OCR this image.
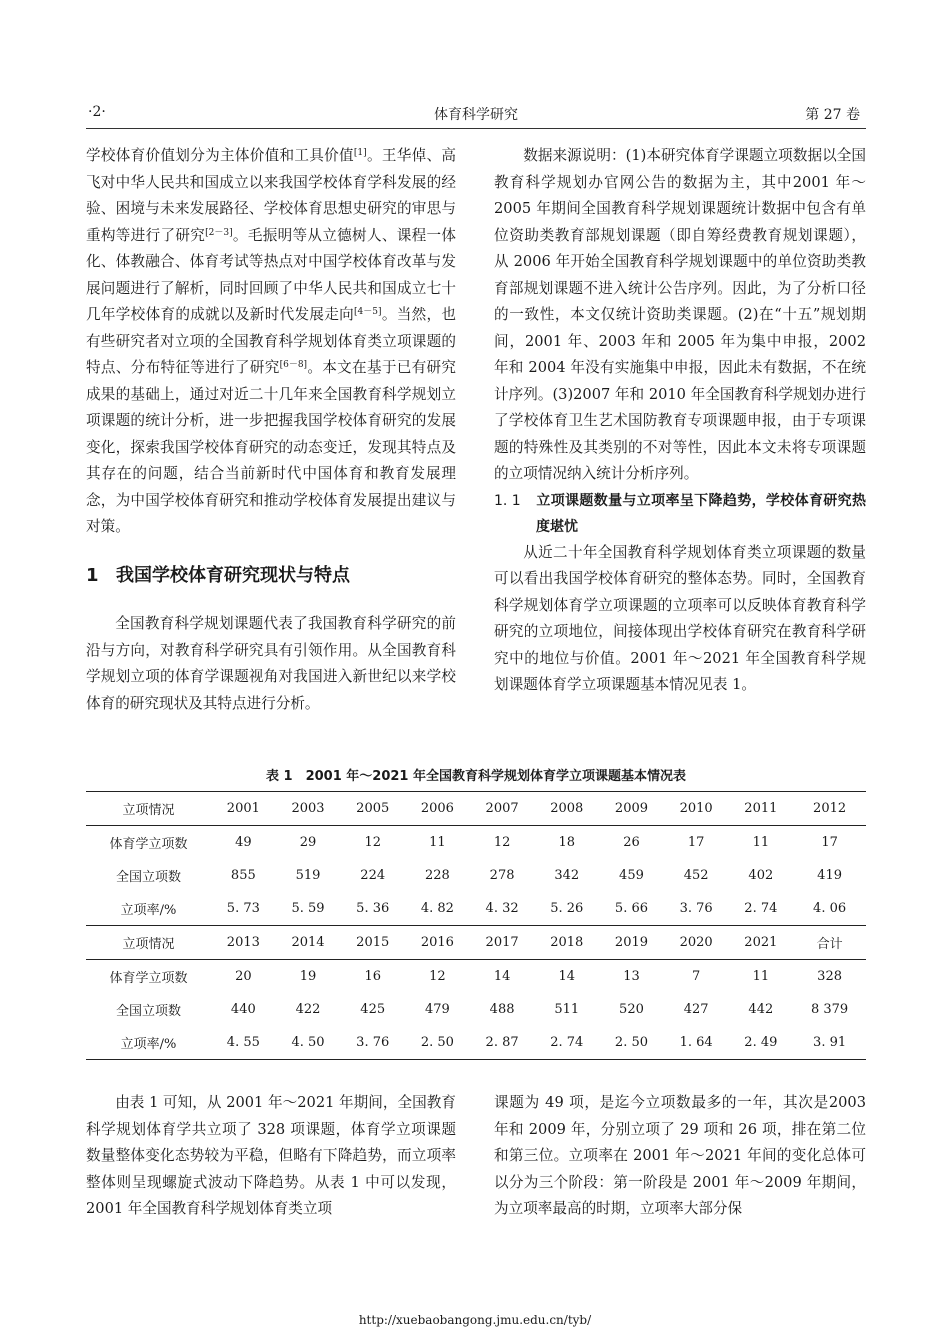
·2·	体育科学研究	第 27 卷

学校体育价值划分为主体价值和工具价值[1]。王华倬、高飞对中华人民共和国成立以来我国学校体育学科发展的经验、困境与未来发展路径、学校体育思想史研究的审思与重构等进行了研究[2－3]。毛振明等从立德树人、课程一体化、体教融合、体育考试等热点对中国学校体育改革与发展问题进行了解析，同时回顾了中华人民共和国成立七十几年学校体育的成就以及新时代发展走向[4－5]。当然，也有些研究者对立项的全国教育科学规划体育类立项课题的特点、分布特征等进行了研究[6－8]。本文在基于已有研究成果的基础上，通过对近二十几年来全国教育科学规划立项课题的统计分析，进一步把握我国学校体育研究的发展变化，探索我国学校体育研究的动态变迁，发现其特点及其存在的问题，结合当前新时代中国体育和教育发展理念，为中国学校体育研究和推动学校体育发展提出建议与对策。

1 我国学校体育研究现状与特点

全国教育科学规划课题代表了我国教育科学研究的前沿与方向，对教育科学研究具有引领作用。从全国教育科学规划立项的体育学课题视角对我国进入新世纪以来学校体育的研究现状及其特点进行分析。

数据来源说明：(1)本研究体育学课题立项数据以全国教育科学规划办官网公告的数据为主，其中2001 年～2005 年期间全国教育科学规划课题统计数据中包含有单位资助类教育部规划课题（即自筹经费教育规划课题），从 2006 年开始全国教育科学规划课题中的单位资助类教育部规划课题不进入统计公告序列。因此，为了分析口径的一致性，本文仅统计资助类课题。(2)在“十五”规划期间，2001 年、2003 年和 2005 年为集中申报，2002 年和 2004 年没有实施集中申报，因此未有数据，不在统计序列。(3)2007 年和 2010 年全国教育科学规划办进行了学校体育卫生艺术国防教育专项课题申报，由于专项课题的特殊性及其类别的不对等性，因此本文未将专项课题的立项情况纳入统计分析序列。

1. 1 立项课题数量与立项率呈下降趋势，学校体育研究热度堪忧

从近二十年全国教育科学规划体育类立项课题的数量可以看出我国学校体育研究的整体态势。同时，全国教育科学规划体育学立项课题的立项率可以反映体育教育科学研究的立项地位，间接体现出学校体育研究在教育科学研究中的地位与价值。2001 年～2021 年全国教育科学规划课题体育学立项课题基本情况见表 1。

表 1　2001 年～2021 年全国教育科学规划体育学立项课题基本情况表
立项情况	2001	2003	2005	2006	2007	2008	2009	2010	2011	2012
体育学立项数	49	29	12	11	12	18	26	17	11	17
全国立项数	855	519	224	228	278	342	459	452	402	419
立项率/%	5. 73	5. 59	5. 36	4. 82	4. 32	5. 26	5. 66	3. 76	2. 74	4. 06
立项情况	2013	2014	2015	2016	2017	2018	2019	2020	2021	合计
体育学立项数	20	19	16	12	14	14	13	7	11	328
全国立项数	440	422	425	479	488	511	520	427	442	8 379
立项率/%	4. 55	4. 50	3. 76	2. 50	2. 87	2. 74	2. 50	1. 64	2. 49	3. 91

由表 1 可知，从 2001 年～2021 年期间，全国教育科学规划体育学共立项了 328 项课题，体育学立项课题数量整体变化态势较为平稳，但略有下降趋势，而立项率整体则呈现螺旋式波动下降趋势。从表 1 中可以发现，2001 年全国教育科学规划体育类立项

课题为 49 项，是迄今立项数最多的一年，其次是2003 年和 2009 年，分别立项了 29 项和 26 项，排在第二位和第三位。立项率在 2001 年～2021 年间的变化总体可以分为三个阶段：第一阶段是 2001 年～2009 年期间，为立项率最高的时期，立项率大部分保

http://xuebaobangong.jmu.edu.cn/tyb/
